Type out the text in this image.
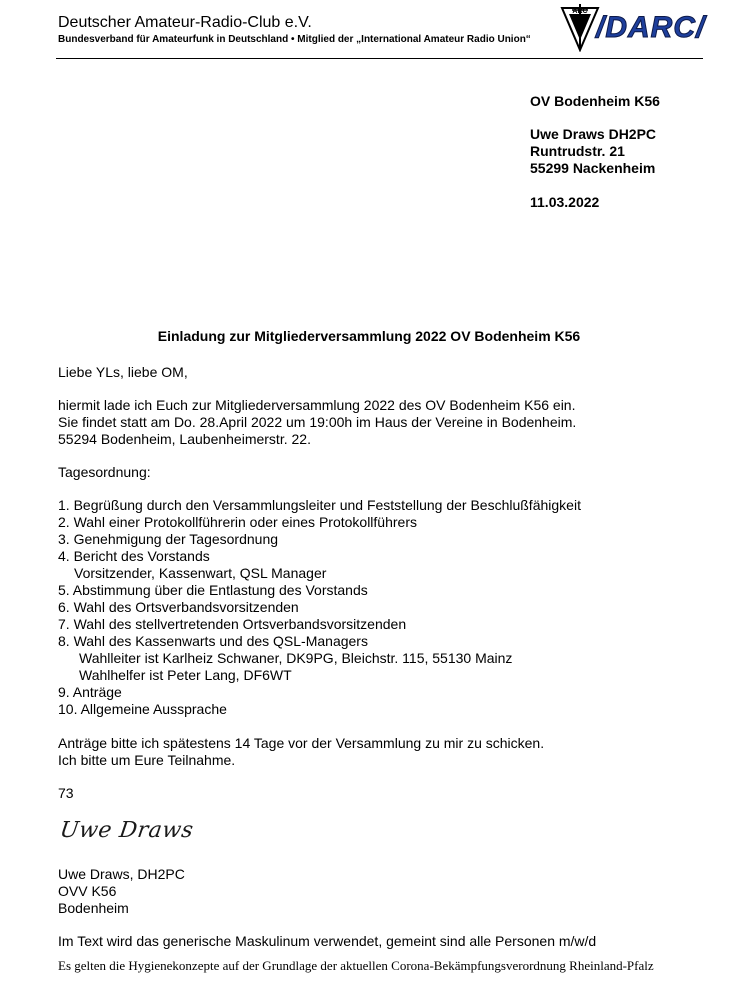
Deutscher Amateur-Radio-Club e.V.
Bundesverband für Amateurfunk in Deutschland • Mitglied der „International Amateur Radio Union“
ARC /DARC/
OV Bodenheim K56
Uwe Draws DH2PC
Runtrudstr. 21
55299 Nackenheim
11.03.2022
Einladung zur Mitgliederversammlung 2022 OV Bodenheim K56
Liebe YLs, liebe OM,
hiermit lade ich Euch zur Mitgliederversammlung 2022 des OV Bodenheim K56 ein.
Sie findet statt am Do. 28.April 2022 um 19:00h im Haus der Vereine in Bodenheim.
55294 Bodenheim, Laubenheimerstr. 22.
Tagesordnung:
1. Begrüßung durch den Versammlungsleiter und Feststellung der Beschlußfähigkeit
2. Wahl einer Protokollführerin oder eines Protokollführers
3. Genehmigung der Tagesordnung
4. Bericht des Vorstands
Vorsitzender, Kassenwart, QSL Manager
5. Abstimmung über die Entlastung des Vorstands
6. Wahl des Ortsverbandsvorsitzenden
7. Wahl des stellvertretenden Ortsverbandsvorsitzenden
8. Wahl des Kassenwarts und des QSL-Managers
Wahlleiter ist Karlheiz Schwaner, DK9PG, Bleichstr. 115, 55130 Mainz
Wahlhelfer ist Peter Lang, DF6WT
9. Anträge
10. Allgemeine Aussprache
Anträge bitte ich spätestens 14 Tage vor der Versammlung zu mir zu schicken.
Ich bitte um Eure Teilnahme.
73
Uwe Draws
Uwe Draws, DH2PC
OVV K56
Bodenheim
Im Text wird das generische Maskulinum verwendet, gemeint sind alle Personen m/w/d
Es gelten die Hygienekonzepte auf der Grundlage der aktuellen Corona-Bekämpfungsverordnung Rheinland-Pfalz
